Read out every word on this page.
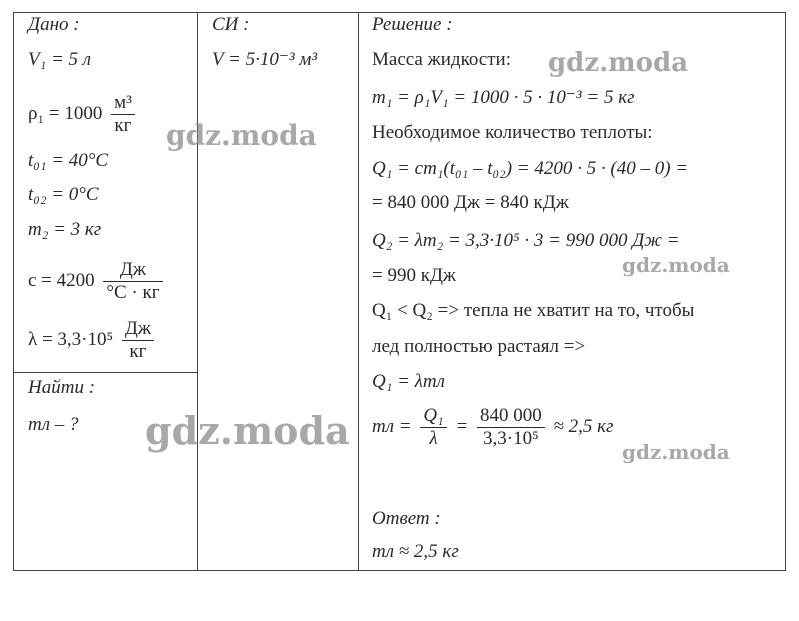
Дано :
V₁ = 5 л
$\rho_1 = 1000 \frac{\text{м³}}{кг}$
t₀₁ = 40°C
t₀₂ = 0°C
m₂ = 3 кг
$c = 4200 \frac{Дж}{^\circ C \cdot кг}$
$\lambda = 3,3\cdot 10^5 \frac{Дж}{кг}$
Найти :
mл – ?
СИ :
V = 5·10⁻³ м³
Решение :
Масса жидкости:
m₁ = ρ₁V₁ = 1000 · 5 · 10⁻³ = 5 кг
Необходимое количество теплоты:
Q₁ = cm₁(t₀₁ – t₀₂) = 4200 · 5 · (40 – 0) =
= 840 000 Дж = 840 кДж
Q₂ = λm₂ = 3,3·10⁵ · 3 = 990 000 Дж =
= 990 кДж
Q₁ < Q₂ => тепла не хватит на то, чтобы
лед полностью растаял =>
Q₁ = λmл
mл = $\frac{\text{Q₁}}{\lambda} = \frac{840 000}{\text{3,3·10⁵}} \approx 2,5$ кг
Ответ :
mл ≈ 2,5 кг
gdz.moda
gdz.moda
gdz.moda
gdz.moda	gdz.moda
